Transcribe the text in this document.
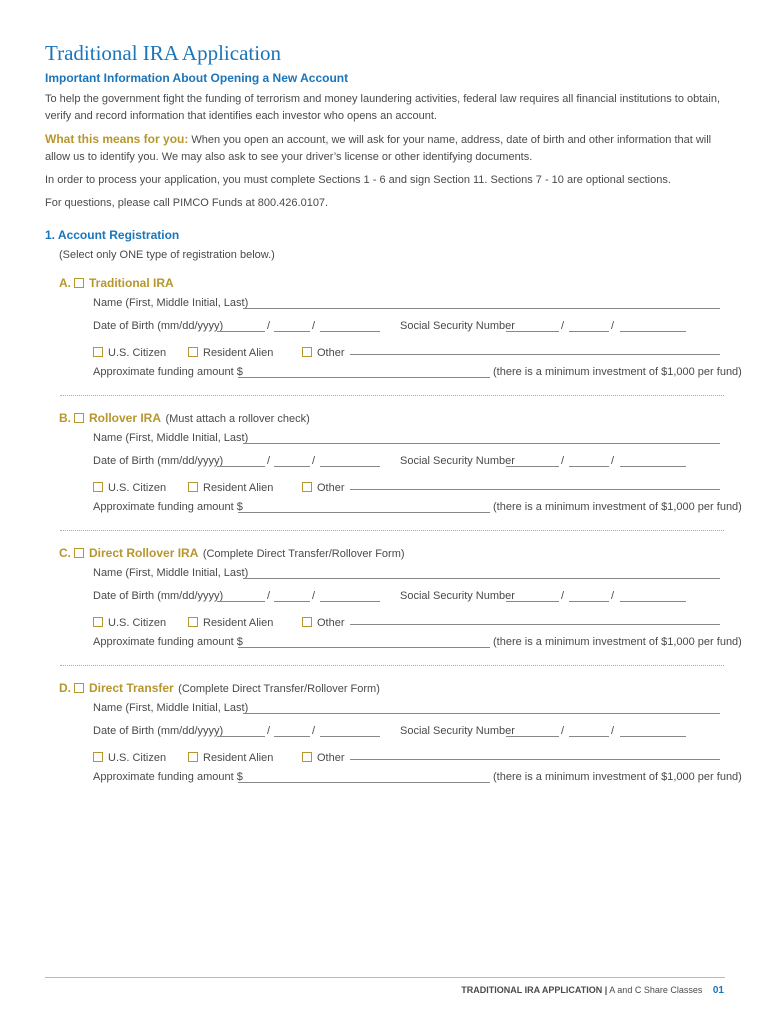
Traditional IRA Application
Important Information About Opening a New Account
To help the government fight the funding of terrorism and money laundering activities, federal law requires all financial institutions to obtain, verify and record information that identifies each investor who opens an account.
What this means for you: When you open an account, we will ask for your name, address, date of birth and other information that will allow us to identify you. We may also ask to see your driver’s license or other identifying documents.
In order to process your application, you must complete Sections 1 - 6 and sign Section 11. Sections 7 - 10 are optional sections.
For questions, please call PIMCO Funds at 800.426.0107.
1. Account Registration
(Select only ONE type of registration below.)
A. Traditional IRA
Name (First, Middle Initial, Last)
Date of Birth (mm/dd/yyyy)	/	/	Social Security Number	/	/
U.S. Citizen	Resident Alien	Other
Approximate funding amount $	(there is a minimum investment of $1,000 per fund)
B. Rollover IRA (Must attach a rollover check)
Name (First, Middle Initial, Last)
Date of Birth (mm/dd/yyyy)	/	/	Social Security Number	/	/
U.S. Citizen	Resident Alien	Other
Approximate funding amount $	(there is a minimum investment of $1,000 per fund)
C. Direct Rollover IRA (Complete Direct Transfer/Rollover Form)
Name (First, Middle Initial, Last)
Date of Birth (mm/dd/yyyy)	/	/	Social Security Number	/	/
U.S. Citizen	Resident Alien	Other
Approximate funding amount $	(there is a minimum investment of $1,000 per fund)
D. Direct Transfer (Complete Direct Transfer/Rollover Form)
Name (First, Middle Initial, Last)
Date of Birth (mm/dd/yyyy)	/	/	Social Security Number	/	/
U.S. Citizen	Resident Alien	Other
Approximate funding amount $	(there is a minimum investment of $1,000 per fund)
TRADITIONAL IRA APPLICATION | A and C Share Classes 01
